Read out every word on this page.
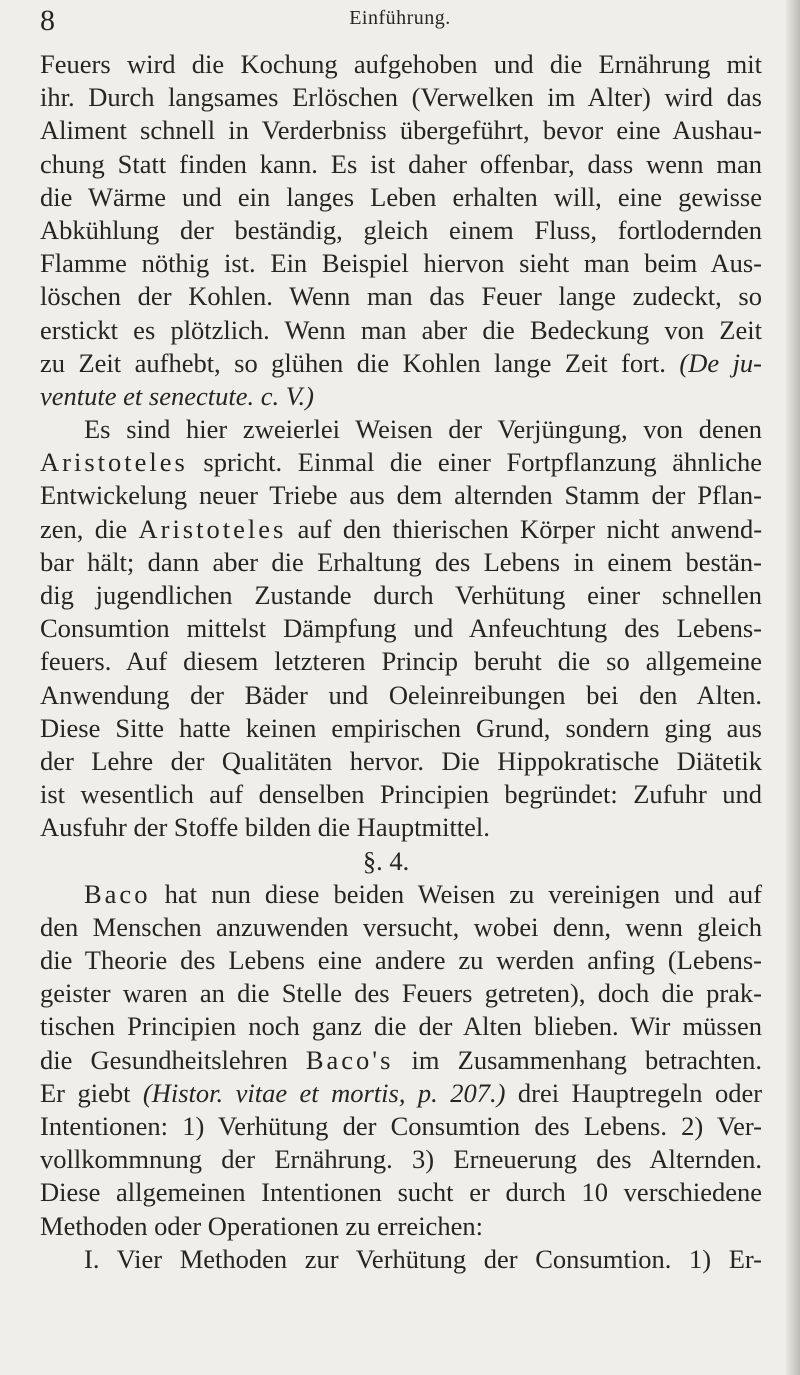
8	Einführung.
Feuers wird die Kochung aufgehoben und die Ernährung mit
ihr. Durch langsames Erlöschen (Verwelken im Alter) wird das
Aliment schnell in Verderbniss übergeführt, bevor eine Aushau-
chung Statt finden kann. Es ist daher offenbar, dass wenn man
die Wärme und ein langes Leben erhalten will, eine gewisse
Abkühlung der beständig, gleich einem Fluss, fortlodernden
Flamme nöthig ist. Ein Beispiel hiervon sieht man beim Aus-
löschen der Kohlen. Wenn man das Feuer lange zudeckt, so
erstickt es plötzlich. Wenn man aber die Bedeckung von Zeit
zu Zeit aufhebt, so glühen die Kohlen lange Zeit fort. (De ju-
ventute et senectute. c. V.)
Es sind hier zweierlei Weisen der Verjüngung, von denen
Aristoteles spricht. Einmal die einer Fortpflanzung ähnliche
Entwickelung neuer Triebe aus dem alternden Stamm der Pflan-
zen, die Aristoteles auf den thierischen Körper nicht anwend-
bar hält; dann aber die Erhaltung des Lebens in einem bestän-
dig jugendlichen Zustande durch Verhütung einer schnellen
Consumtion mittelst Dämpfung und Anfeuchtung des Lebens-
feuers. Auf diesem letzteren Princip beruht die so allgemeine
Anwendung der Bäder und Oeleinreibungen bei den Alten.
Diese Sitte hatte keinen empirischen Grund, sondern ging aus
der Lehre der Qualitäten hervor. Die Hippokratische Diätetik
ist wesentlich auf denselben Principien begründet: Zufuhr und
Ausfuhr der Stoffe bilden die Hauptmittel.
§. 4.
Baco hat nun diese beiden Weisen zu vereinigen und auf
den Menschen anzuwenden versucht, wobei denn, wenn gleich
die Theorie des Lebens eine andere zu werden anfing (Lebens-
geister waren an die Stelle des Feuers getreten), doch die prak-
tischen Principien noch ganz die der Alten blieben. Wir müssen
die Gesundheitslehren Baco's im Zusammenhang betrachten.
Er giebt (Histor. vitae et mortis, p. 207.) drei Hauptregeln oder
Intentionen: 1) Verhütung der Consumtion des Lebens. 2) Ver-
vollkommnung der Ernährung. 3) Erneuerung des Alternden.
Diese allgemeinen Intentionen sucht er durch 10 verschiedene
Methoden oder Operationen zu erreichen:
I. Vier Methoden zur Verhütung der Consumtion. 1) Er-
